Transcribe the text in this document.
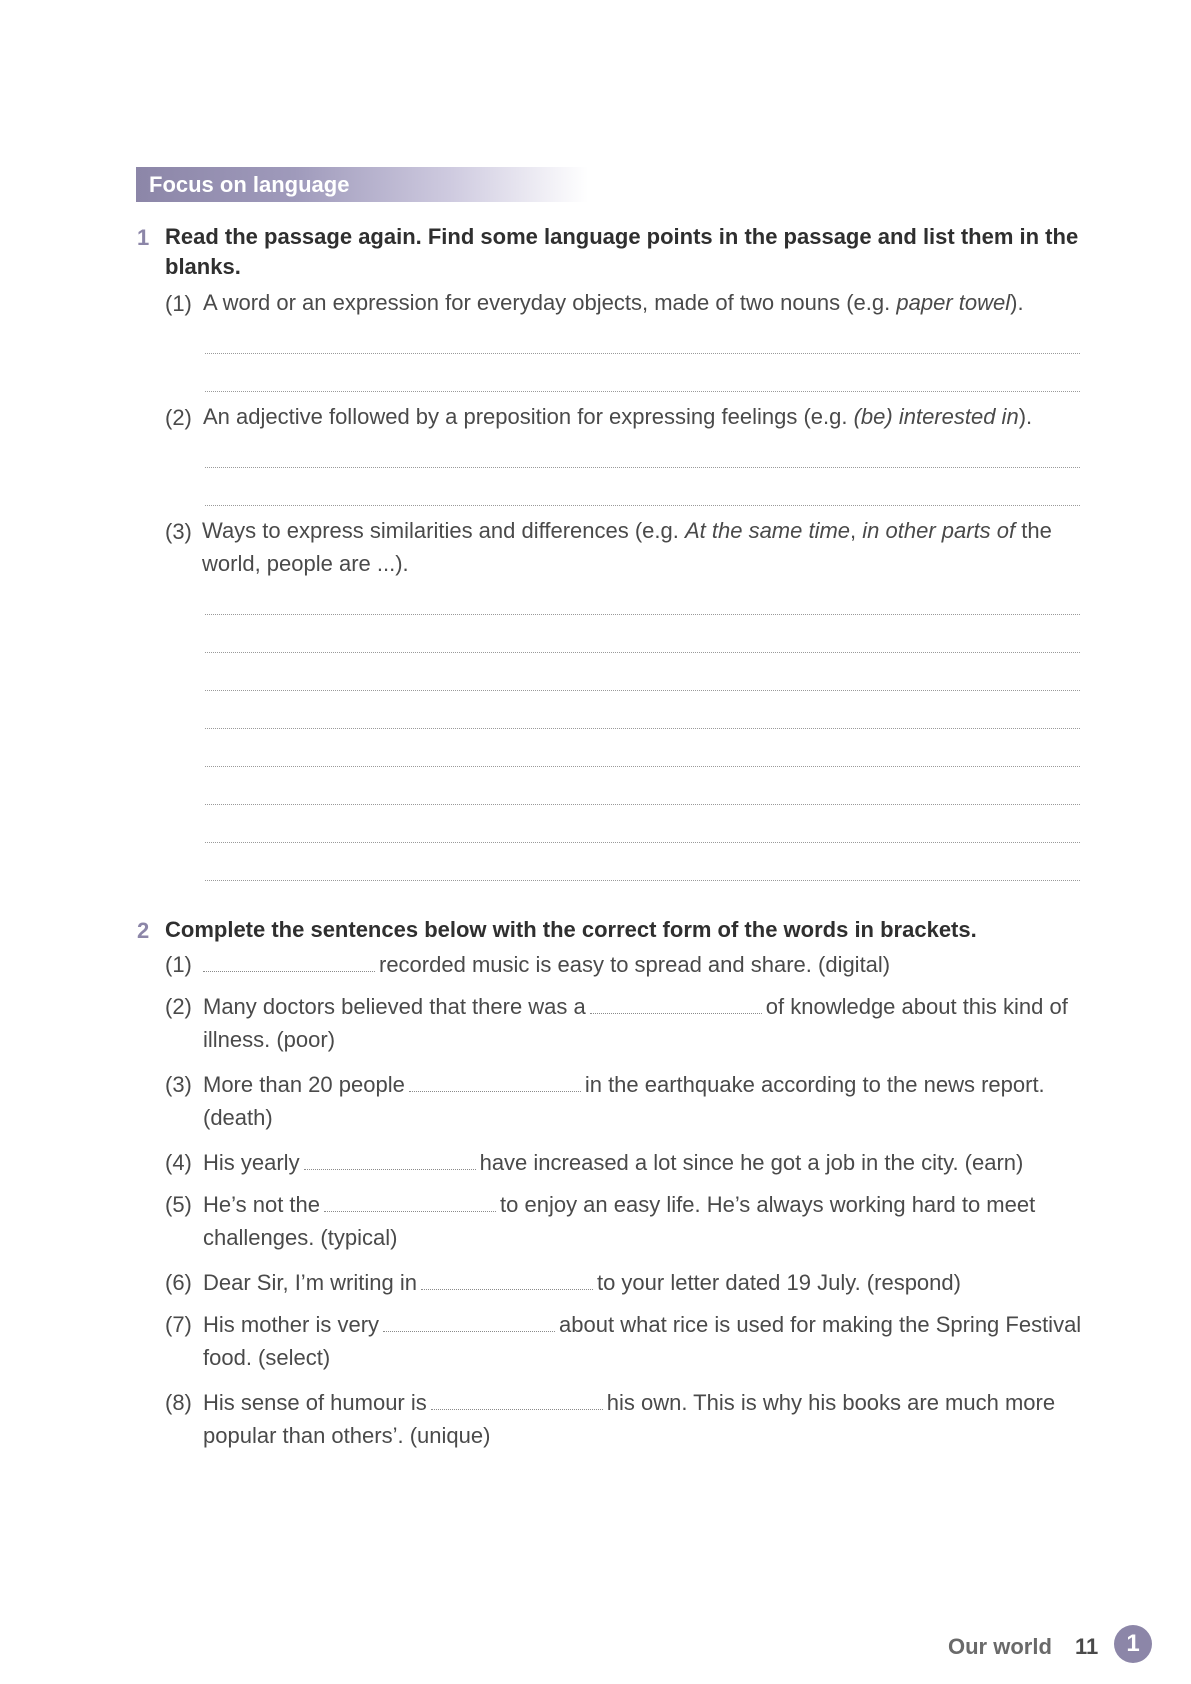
Focus on language
1 Read the passage again. Find some language points in the passage and list them in the blanks.
(1) A word or an expression for everyday objects, made of two nouns (e.g. paper towel).
(2) An adjective followed by a preposition for expressing feelings (e.g. (be) interested in).
(3) Ways to express similarities and differences (e.g. At the same time, in other parts of the world, people are ...).
2 Complete the sentences below with the correct form of the words in brackets.
(1)	recorded music is easy to spread and share. (digital)
(2) Many doctors believed that there was a	of knowledge about this kind of illness. (poor)
(3) More than 20 people	in the earthquake according to the news report. (death)
(4) His yearly	have increased a lot since he got a job in the city. (earn)
(5) He’s not the	to enjoy an easy life. He’s always working hard to meet challenges. (typical)
(6) Dear Sir, I’m writing in	to your letter dated 19 July. (respond)
(7) His mother is very	about what rice is used for making the Spring Festival food. (select)
(8) His sense of humour is	his own. This is why his books are much more popular than others’. (unique)
Our world 11	1
